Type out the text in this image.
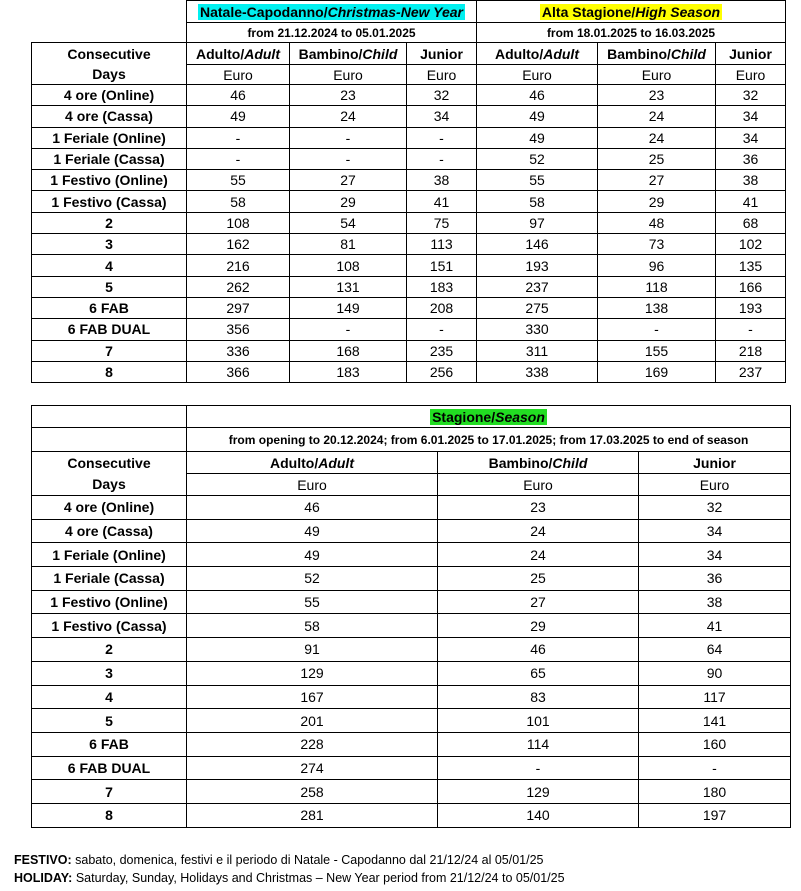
	Natale-Capodanno/Christmas-New Year			Alta Stagione/High Season		
	from 21.12.2024 to 05.01.2025			from 18.01.2025 to 16.03.2025		
Consecutive
Days	Adulto/Adult	Bambino/Child	Junior	Adulto/Adult	Bambino/Child	Junior
	Euro	Euro	Euro	Euro	Euro	Euro
4 ore (Online)	46	23	32	46	23	32
4 ore (Cassa)	49	24	34	49	24	34
1 Feriale (Online)	-	-	-	49	24	34
1 Feriale (Cassa)	-	-	-	52	25	36
1 Festivo (Online)	55	27	38	55	27	38
1 Festivo (Cassa)	58	29	41	58	29	41
2	108	54	75	97	48	68
3	162	81	113	146	73	102
4	216	108	151	193	96	135
5	262	131	183	237	118	166
6 FAB	297	149	208	275	138	193
6 FAB DUAL	356	-	-	330	-	-
7	336	168	235	311	155	218
8	366	183	256	338	169	237
	Stagione/Season		
	from opening to 20.12.2024; from 6.01.2025 to 17.01.2025; from 17.03.2025 to end of season		
Consecutive
Days	Adulto/Adult	Bambino/Child	Junior
	Euro	Euro	Euro
4 ore (Online)	46	23	32
4 ore (Cassa)	49	24	34
1 Feriale (Online)	49	24	34
1 Feriale (Cassa)	52	25	36
1 Festivo (Online)	55	27	38
1 Festivo (Cassa)	58	29	41
2	91	46	64
3	129	65	90
4	167	83	117
5	201	101	141
6 FAB	228	114	160
6 FAB DUAL	274	-	-
7	258	129	180
8	281	140	197
FESTIVO: sabato, domenica, festivi e il periodo di Natale - Capodanno dal 21/12/24 al 05/01/25
HOLIDAY: Saturday, Sunday, Holidays and Christmas – New Year period from 21/12/24 to 05/01/25
